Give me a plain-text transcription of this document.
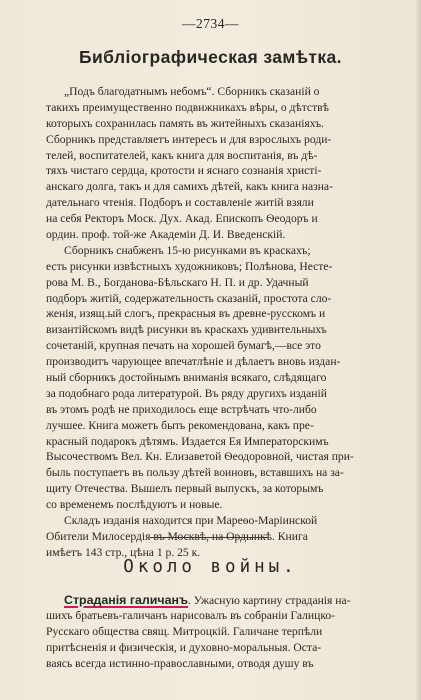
—2734—
Библіографическая замѣтка.
„Подъ благодатнымъ небомъ“. Сборникъ сказаній о
такихъ преимущественно подвижникахъ вѣры, о дѣтствѣ
которыхъ сохранилась память въ житейныхъ сказаніяхъ.
Сборникъ представляетъ интересъ и для взрослыхъ роди-
телей, воспитателей, какъ книга для воспитанія, въ дѣ-
тяхъ чистаго сердца, кротости и яснаго сознанія христі-
анскаго долга, такъ и для самихъ дѣтей, какъ книга назна-
дательнаго чтенія. Подборъ и составленіе житій взяли
на себя Ректоръ Моск. Дух. Акад. Епископъ Ѳеодоръ и
ордин. проф. той-же Академіи Д. И. Введенскій.
Сборникъ снабженъ 15-ю рисунками въ краскахъ;
есть рисунки извѣстныхъ художниковъ; Полѣнова, Несте-
рова М. В., Богданова-Бѣльскаго Н. П. и др. Удачный
подборъ житій, содержательность сказаній, простота сло-
женія, изящ.ый слогъ, прекрасныя въ древне-русскомъ и
византійскомъ видѣ рисунки въ краскахъ удивительныхъ
сочетаній, крупная печать на хорошей бумагѣ,—все это
производитъ чарующее впечатлѣніе и дѣлаетъ вновь издан-
ный сборникъ достойнымъ вниманія всякаго, слѣдящаго
за подобнаго рода литературой. Въ ряду другихъ изданій
въ этомъ родѣ не приходилось еще встрѣчать что-либо
лучшее. Книга можетъ быть рекомендована, какъ пре-
красный подарокъ дѣтямъ. Издается Ея Императорскимъ
Высочествомъ Вел. Кн. Елизаветой Ѳеодоровной, чистая при-
быль поступаетъ въ пользу дѣтей воиновъ, вставшихъ на за-
щиту Отечества. Вышелъ первый выпускъ, за которымъ
со временемъ послѣдуютъ и новые.
Складъ изданія находится при Мареѳо-Маріинской
Обители Милосердія въ Москвѣ, на Ордынкѣ. Книга
имѣетъ 143 стр., цѣна 1 р. 25 к.
Около войны.
Страданія галичанъ. Ужасную картину страданія на-
шихъ братьевъ-галичанъ нарисовалъ въ собраніи Галицко-
Русскаго общества свящ. Митроцкій. Галичане терпѣли
притѣсненія и физическія, и духовно-моральныя. Оста-
ваясь всегда истинно-православными, отводя душу въ
